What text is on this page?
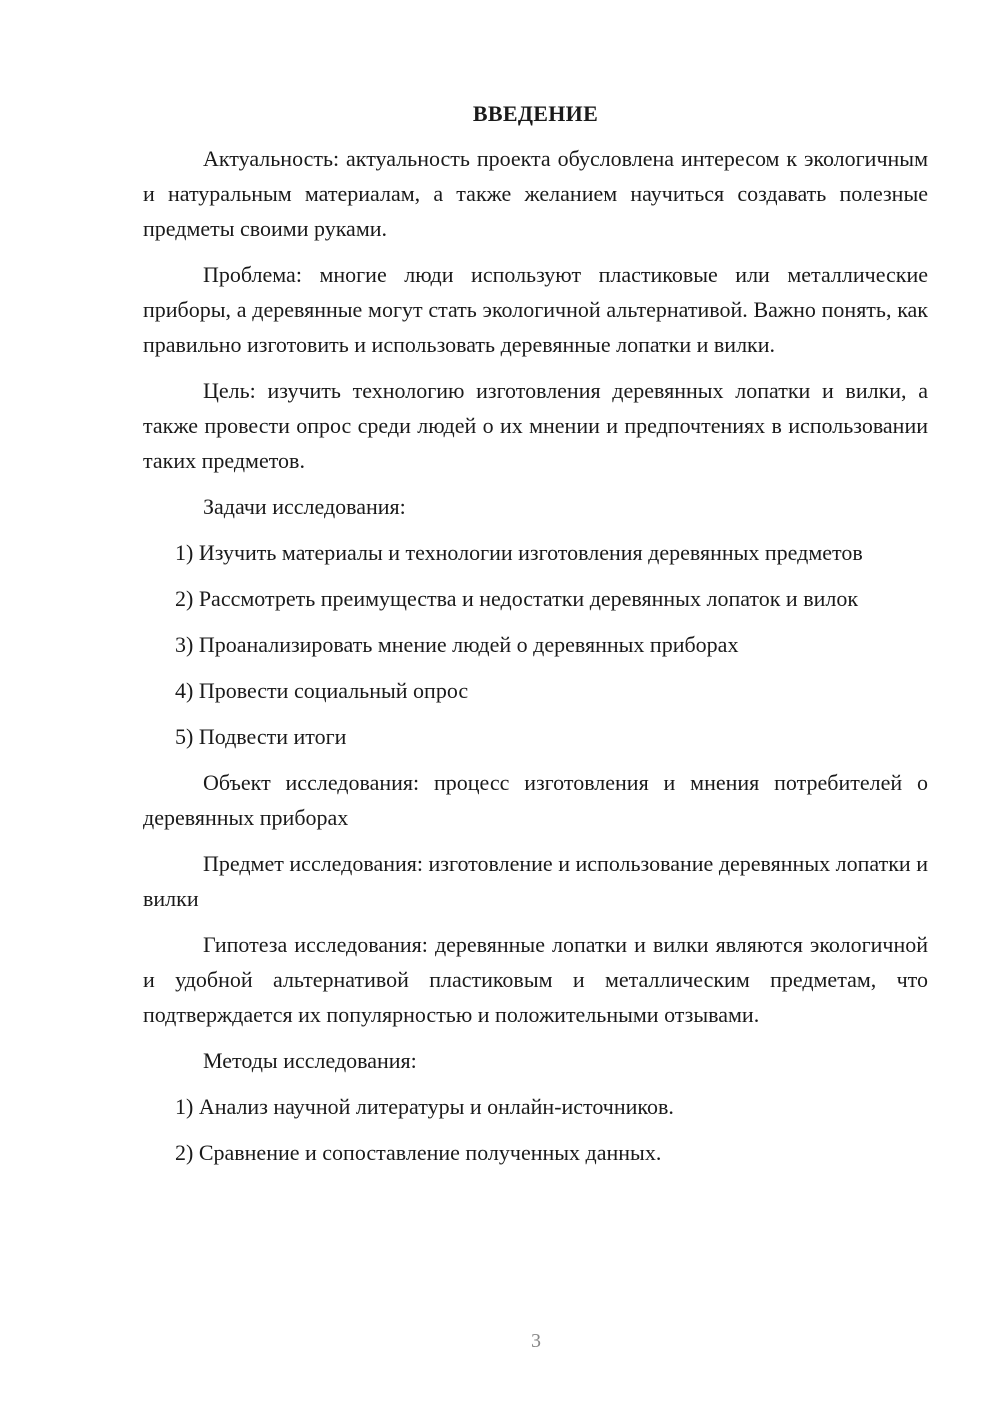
ВВЕДЕНИЕ

Актуальность: актуальность проекта обусловлена интересом к экологичным и натуральным материалам, а также желанием научиться создавать полезные предметы своими руками.

Проблема: многие люди используют пластиковые или металлические приборы, а деревянные могут стать экологичной альтернативой. Важно понять, как правильно изготовить и использовать деревянные лопатки и вилки.

Цель: изучить технологию изготовления деревянных лопатки и вилки, а также провести опрос среди людей о их мнении и предпочтениях в использовании таких предметов.

Задачи исследования:

1) Изучить материалы и технологии изготовления деревянных предметов

2) Рассмотреть преимущества и недостатки деревянных лопаток и вилок

3) Проанализировать мнение людей о деревянных приборах

4) Провести социальный опрос

5) Подвести итоги

Объект исследования: процесс изготовления и мнения потребителей о деревянных приборах

Предмет исследования: изготовление и использование деревянных лопатки и вилки

Гипотеза исследования: деревянные лопатки и вилки являются экологичной и удобной альтернативой пластиковым и металлическим предметам, что подтверждается их популярностью и положительными отзывами.

Методы исследования:

1) Анализ научной литературы и онлайн-источников.

2) Сравнение и сопоставление полученных данных.

3
